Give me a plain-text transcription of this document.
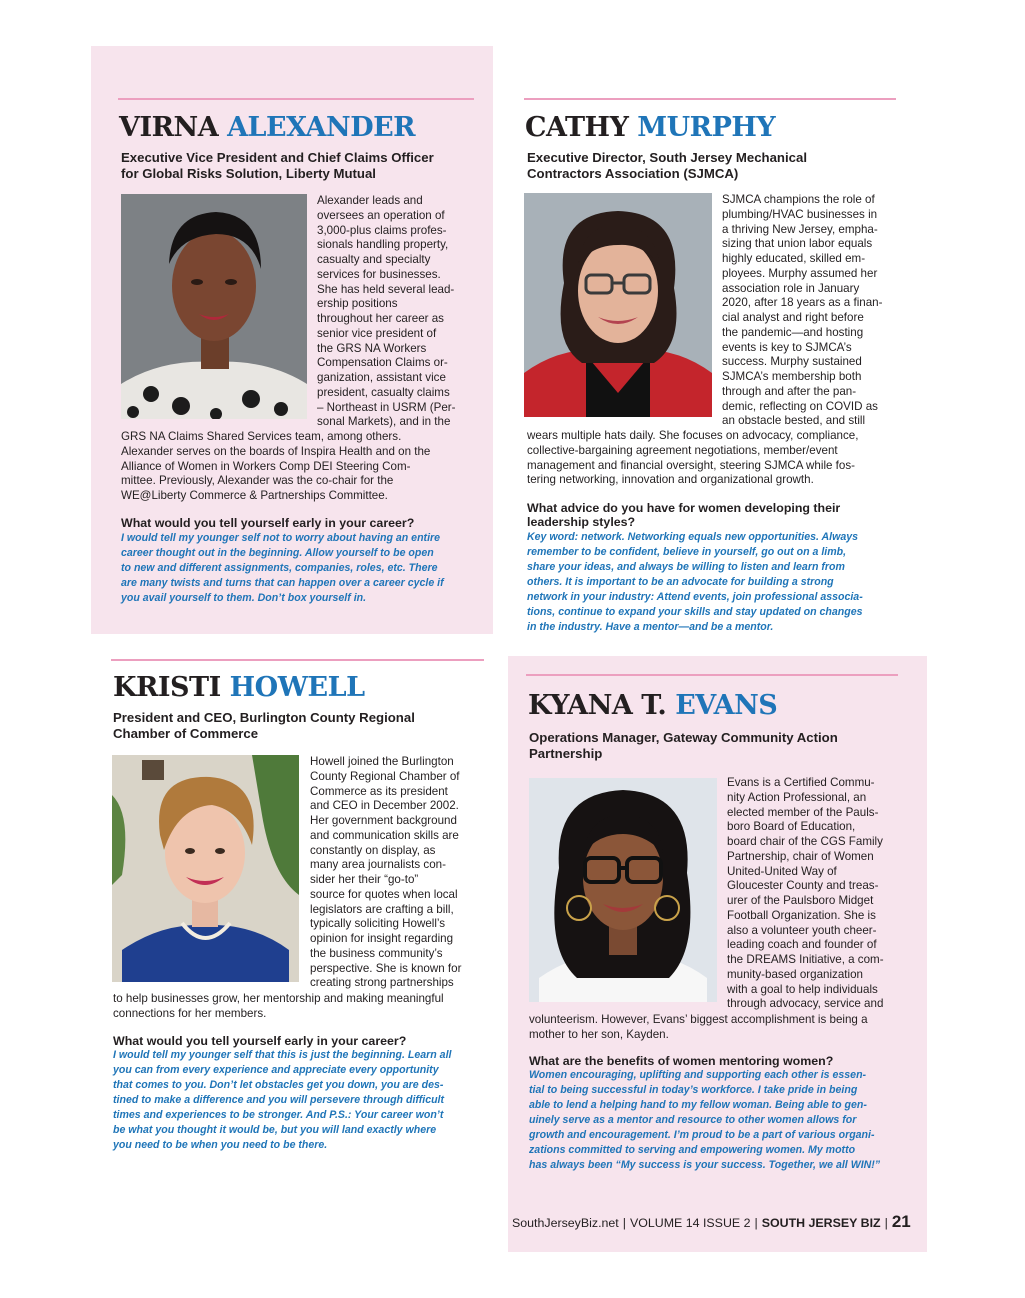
VIRNA ALEXANDER
Executive Vice President and Chief Claims Officer
for Global Risks Solution, Liberty Mutual
Alexander leads and
oversees an operation of
3,000-plus claims profes-
sionals handling property,
casualty and specialty
services for businesses.
She has held several lead-
ership positions
throughout her career as
senior vice president of
the GRS NA Workers
Compensation Claims or-
ganization, assistant vice
president, casualty claims
– Northeast in USRM (Per-
sonal Markets), and in the
GRS NA Claims Shared Services team, among others.
Alexander serves on the boards of Inspira Health and on the
Alliance of Women in Workers Comp DEI Steering Com-
mittee. Previously, Alexander was the co-chair for the
WE@Liberty Commerce & Partnerships Committee.
What would you tell yourself early in your career?
I would tell my younger self not to worry about having an entire
career thought out in the beginning. Allow yourself to be open
to new and different assignments, companies, roles, etc. There
are many twists and turns that can happen over a career cycle if
you avail yourself to them. Don’t box yourself in.
CATHY MURPHY
Executive Director, South Jersey Mechanical
Contractors Association (SJMCA)
SJMCA champions the role of
plumbing/HVAC businesses in
a thriving New Jersey, empha-
sizing that union labor equals
highly educated, skilled em-
ployees. Murphy assumed her
association role in January
2020, after 18 years as a finan-
cial analyst and right before
the pandemic—and hosting
events is key to SJMCA’s
success. Murphy sustained
SJMCA’s membership both
through and after the pan-
demic, reflecting on COVID as
an obstacle bested, and still
wears multiple hats daily. She focuses on advocacy, compliance,
collective-bargaining agreement negotiations, member/event
management and financial oversight, steering SJMCA while fos-
tering networking, innovation and organizational growth.
What advice do you have for women developing their
leadership styles?
Key word: network. Networking equals new opportunities. Always
remember to be confident, believe in yourself, go out on a limb,
share your ideas, and always be willing to listen and learn from
others. It is important to be an advocate for building a strong
network in your industry: Attend events, join professional associa-
tions, continue to expand your skills and stay updated on changes
in the industry. Have a mentor—and be a mentor.
KRISTI HOWELL
President and CEO, Burlington County Regional
Chamber of Commerce
Howell joined the Burlington
County Regional Chamber of
Commerce as its president
and CEO in December 2002.
Her government background
and communication skills are
constantly on display, as
many area journalists con-
sider her their “go-to”
source for quotes when local
legislators are crafting a bill,
typically soliciting Howell’s
opinion for insight regarding
the business community’s
perspective. She is known for
creating strong partnerships
to help businesses grow, her mentorship and making meaningful
connections for her members.
What would you tell yourself early in your career?
I would tell my younger self that this is just the beginning. Learn all
you can from every experience and appreciate every opportunity
that comes to you. Don’t let obstacles get you down, you are des-
tined to make a difference and you will persevere through difficult
times and experiences to be stronger. And P.S.: Your career won’t
be what you thought it would be, but you will land exactly where
you need to be when you need to be there.
KYANA T. EVANS
Operations Manager, Gateway Community Action
Partnership
Evans is a Certified Commu-
nity Action Professional, an
elected member of the Pauls-
boro Board of Education,
board chair of the CGS Family
Partnership, chair of Women
United-United Way of
Gloucester County and treas-
urer of the Paulsboro Midget
Football Organization. She is
also a volunteer youth cheer-
leading coach and founder of
the DREAMS Initiative, a com-
munity-based organization
with a goal to help individuals
through advocacy, service and
volunteerism. However, Evans’ biggest accomplishment is being a
mother to her son, Kayden.
What are the benefits of women mentoring women?
Women encouraging, uplifting and supporting each other is essen-
tial to being successful in today’s workforce. I take pride in being
able to lend a helping hand to my fellow woman. Being able to gen-
uinely serve as a mentor and resource to other women allows for
growth and encouragement. I’m proud to be a part of various organi-
zations committed to serving and empowering women. My motto
has always been “My success is your success. Together, we all WIN!”
SouthJerseyBiz.net | VOLUME 14 ISSUE 2 | SOUTH JERSEY BIZ | 21
